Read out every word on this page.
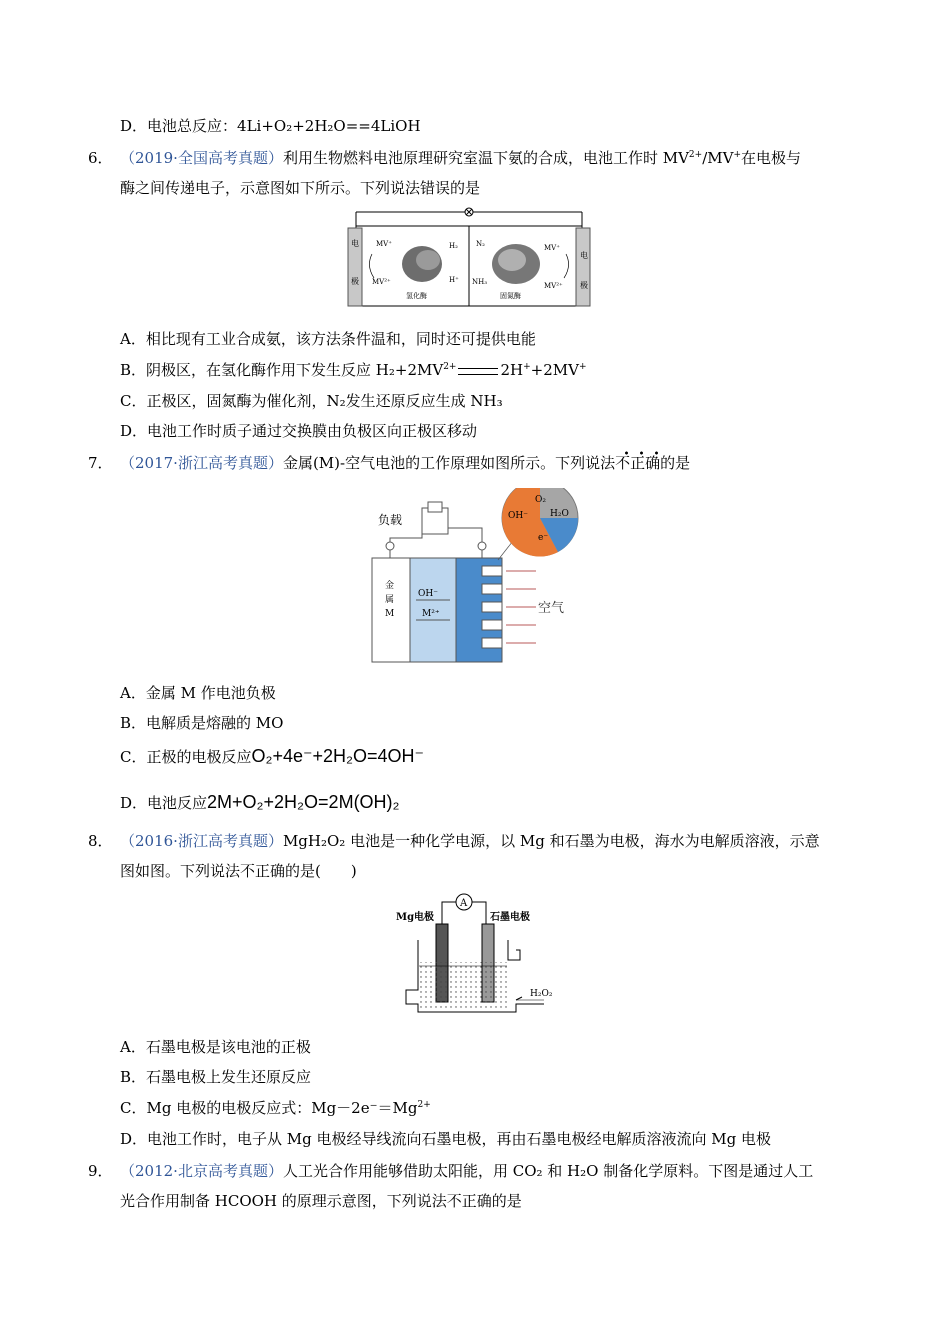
D．电池总反应：4Li+O₂+2H₂O==4LiOH
6． （2019·全国高考真题）利用生物燃料电池原理研究室温下氨的合成，电池工作时 $MV^{2+}/MV^+$在电极与
酶之间传递电子，示意图如下所示。下列说法错误的是
电
极
电
极
MV⁺
MV²⁺
H₂
H⁺
氢化酶
N₂
NH₃
MV⁺
MV²⁺
固氮酶
A．相比现有工业合成氨，该方法条件温和，同时还可提供电能
B．阴极区，在氢化酶作用下发生反应 $H_2+2MV^{2+}$	2H++2MV+
C．正极区，固氮酶为催化剂，N₂发生还原反应生成 NH₃
D．电池工作时质子通过交换膜由负极区向正极区移动
7． （2017·浙江高考真题）金属(M)-空气电池的工作原理如图所示。下列说法不正确的是
负载
金
属
M
OH⁻
M²⁺	空气
O₂
H₂O
OH⁻
e⁻
A．金属 M 作电池负极
B．电解质是熔融的 MO
C．正极的电极反应O₂+4e⁻+2H₂O=4OH⁻
D．电池反应2M+O₂+2H₂O=2M(OH)₂
8． （2016·浙江高考真题）MgH₂O₂ 电池是一种化学电源，以 Mg 和石墨为电极，海水为电解质溶液，示意
图如图。下列说法不正确的是(　　)
Mg电极	石墨电极
A
H₂O₂
A．石墨电极是该电池的正极
B．石墨电极上发生还原反应
C．Mg 电极的电极反应式：$Mg-2e^-=Mg^{2+}$
D．电池工作时，电子从 Mg 电极经导线流向石墨电极，再由石墨电极经电解质溶液流向 Mg 电极
9． （2012·北京高考真题）人工光合作用能够借助太阳能，用 CO₂ 和 H₂O 制备化学原料。下图是通过人工
光合作用制备 HCOOH 的原理示意图，下列说法不正确的是
